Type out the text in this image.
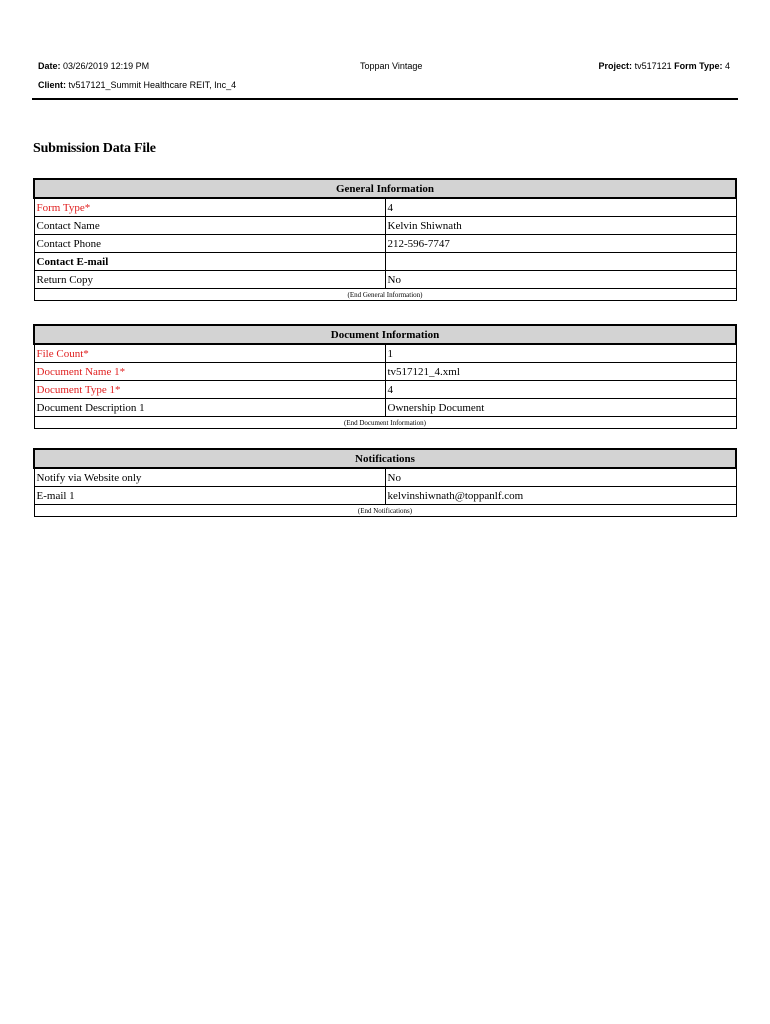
Date: 03/26/2019 12:19 PM
Client: tv517121_Summit Healthcare REIT, Inc_4
Toppan Vintage	Project: tv517121 Form Type: 4
Submission Data File
General Information	
Form Type*	4
Contact Name	Kelvin Shiwnath
Contact Phone	212-596-7747
Contact E-mail	
Return Copy	No
(End General Information)	
Document Information	
File Count*	1
Document Name 1*	tv517121_4.xml
Document Type 1*	4
Document Description 1	Ownership Document
(End Document Information)	
Notifications	
Notify via Website only	No
E-mail 1	kelvinshiwnath@toppanlf.com
(End Notifications)	
